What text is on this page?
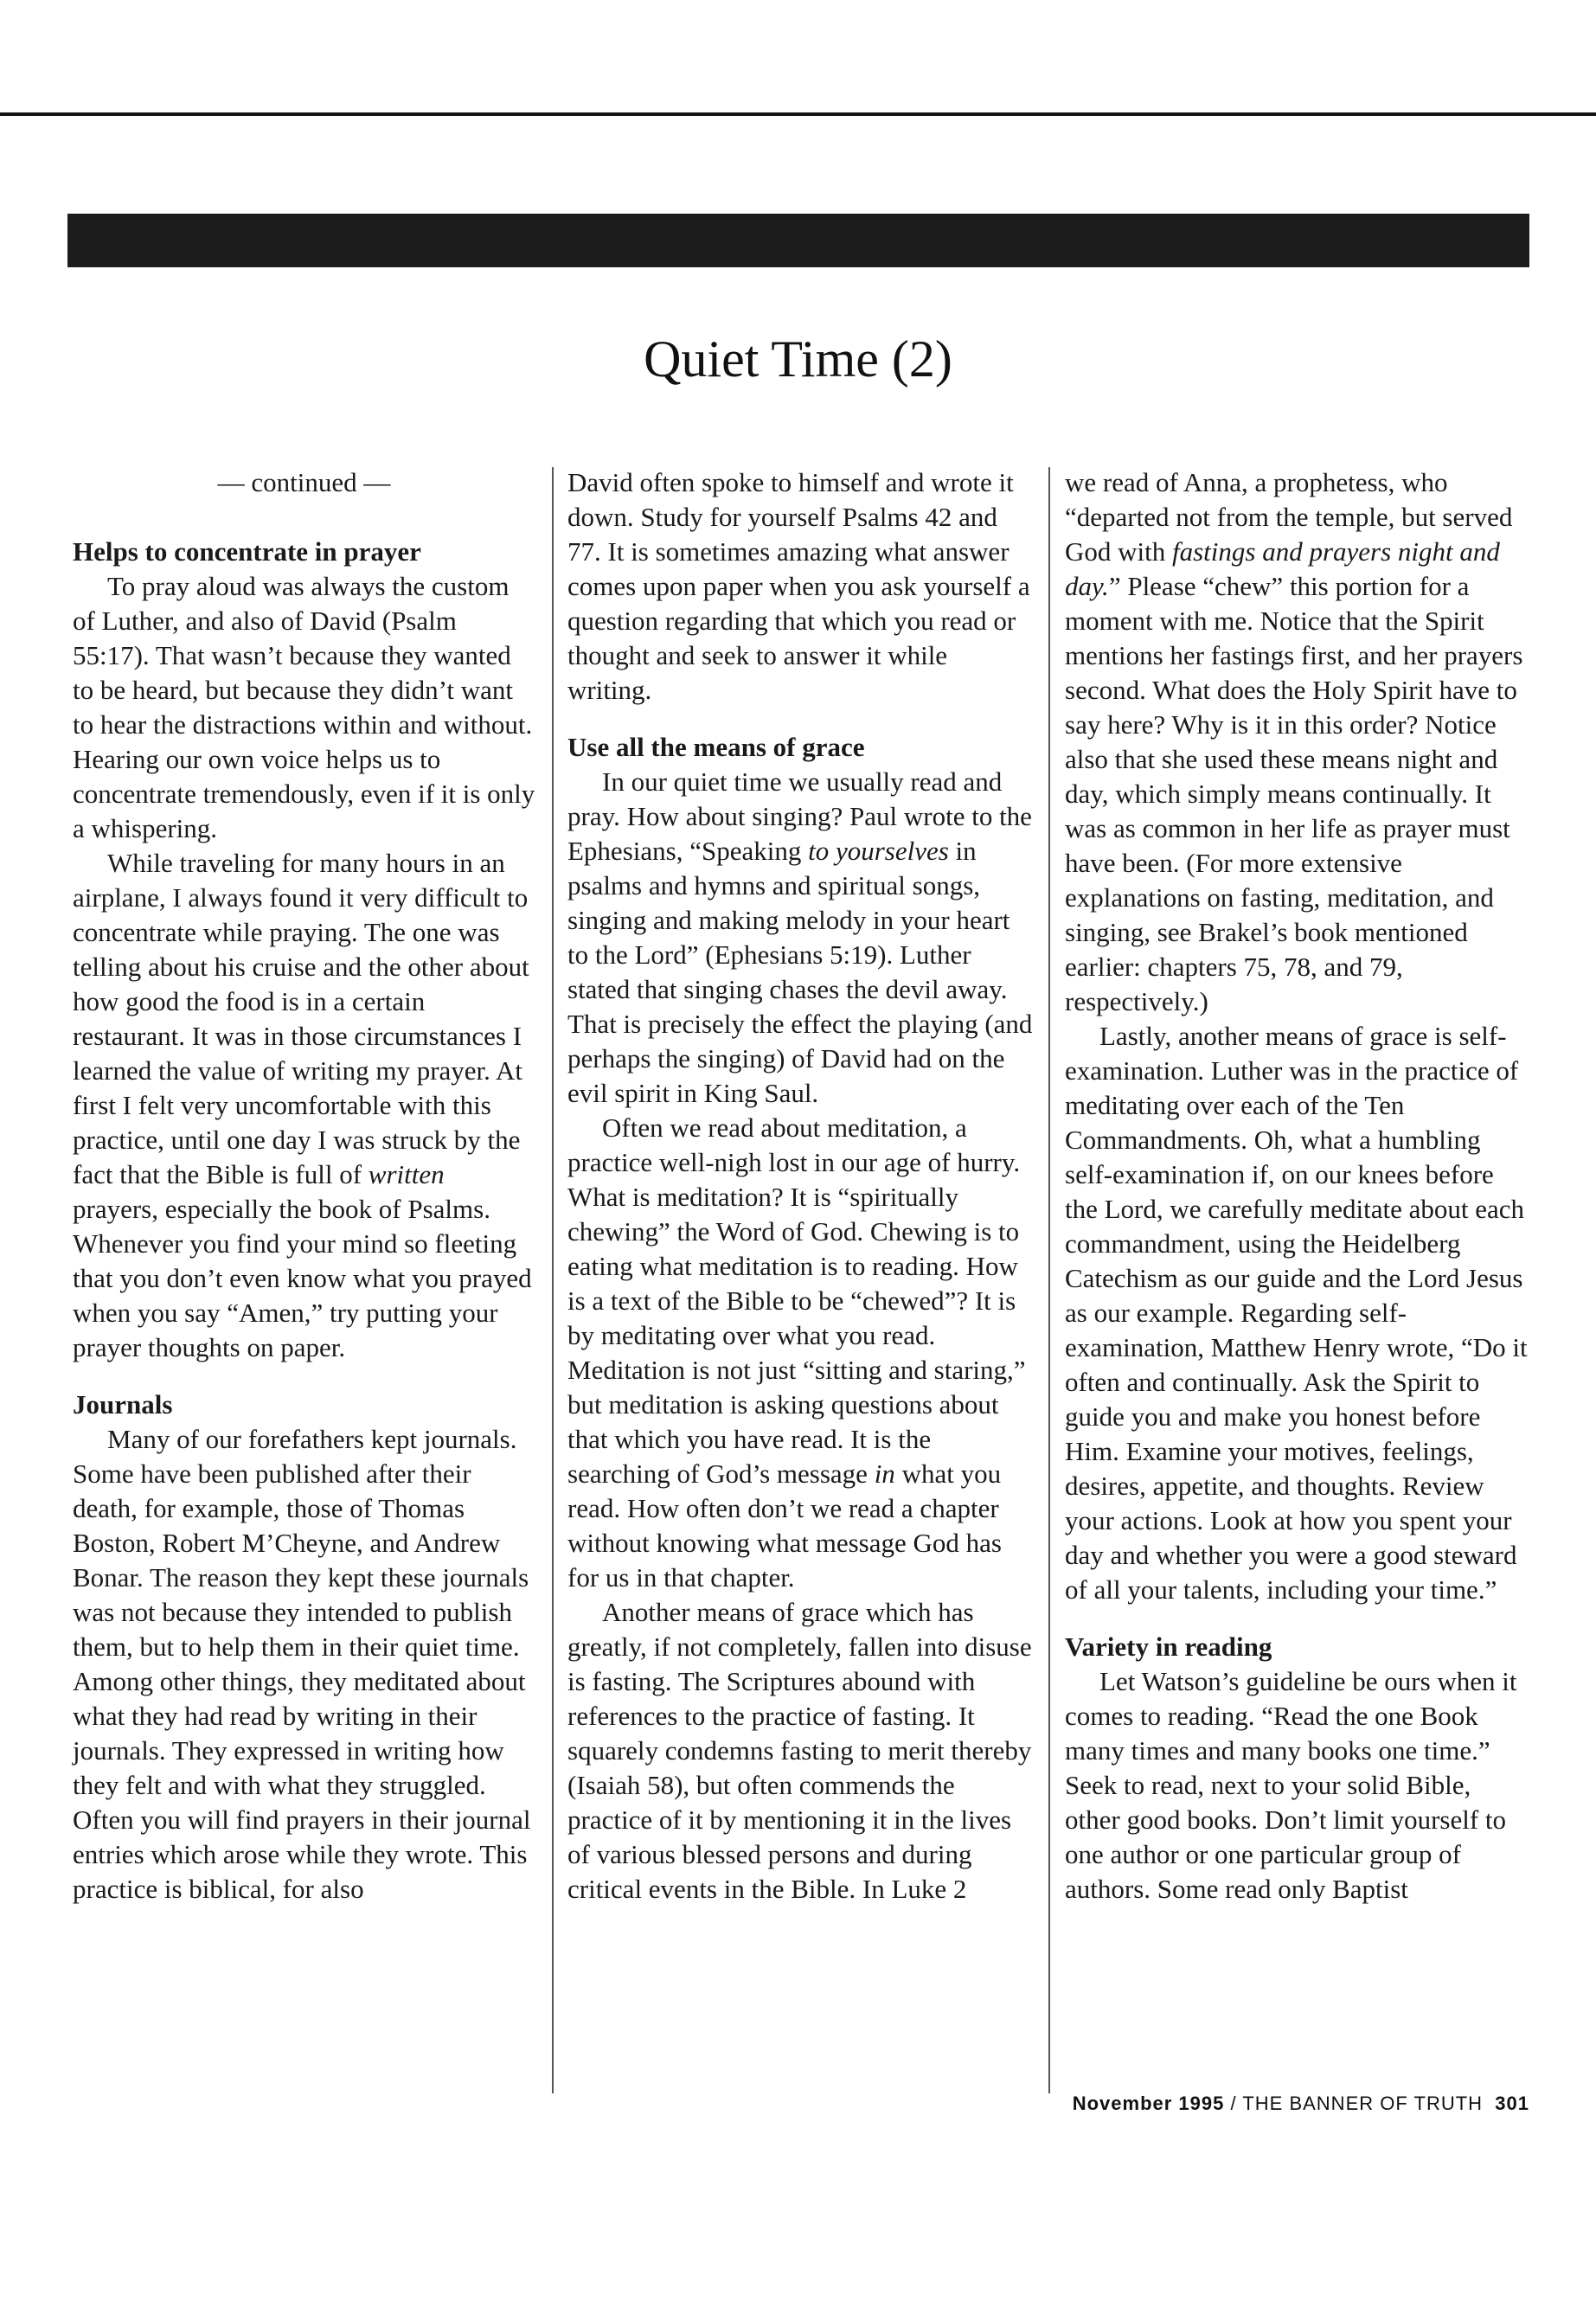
Quiet Time (2)

— continued —

Helps to concentrate in prayer

To pray aloud was always the custom of Luther, and also of David (Psalm 55:17). That wasn’t because they wanted to be heard, but because they didn’t want to hear the distractions within and without. Hearing our own voice helps us to concentrate tremendously, even if it is only a whispering.

While traveling for many hours in an airplane, I always found it very difficult to concentrate while praying. The one was telling about his cruise and the other about how good the food is in a certain restaurant. It was in those circumstances I learned the value of writing my prayer. At first I felt very uncomfortable with this practice, until one day I was struck by the fact that the Bible is full of written prayers, especially the book of Psalms. Whenever you find your mind so fleeting that you don’t even know what you prayed when you say “Amen,” try putting your prayer thoughts on paper.

Journals

Many of our forefathers kept journals. Some have been published after their death, for example, those of Thomas Boston, Robert M’Cheyne, and Andrew Bonar. The reason they kept these journals was not because they intended to publish them, but to help them in their quiet time. Among other things, they meditated about what they had read by writing in their journals. They expressed in writing how they felt and with what they struggled. Often you will find prayers in their journal entries which arose while they wrote. This practice is biblical, for also

David often spoke to himself and wrote it down. Study for yourself Psalms 42 and 77. It is sometimes amazing what answer comes upon paper when you ask yourself a question regarding that which you read or thought and seek to answer it while writing.

Use all the means of grace

In our quiet time we usually read and pray. How about singing? Paul wrote to the Ephesians, “Speaking to yourselves in psalms and hymns and spiritual songs, singing and making melody in your heart to the Lord” (Ephesians 5:19). Luther stated that singing chases the devil away. That is precisely the effect the playing (and perhaps the singing) of David had on the evil spirit in King Saul.

Often we read about meditation, a practice well-nigh lost in our age of hurry. What is meditation? It is “spiritually chewing” the Word of God. Chewing is to eating what meditation is to reading. How is a text of the Bible to be “chewed”? It is by meditating over what you read. Meditation is not just “sitting and staring,” but meditation is asking questions about that which you have read. It is the searching of God’s message in what you read. How often don’t we read a chapter without knowing what message God has for us in that chapter.

Another means of grace which has greatly, if not completely, fallen into disuse is fasting. The Scriptures abound with references to the practice of fasting. It squarely condemns fasting to merit thereby (Isaiah 58), but often commends the practice of it by mentioning it in the lives of various blessed persons and during critical events in the Bible. In Luke 2

we read of Anna, a prophetess, who “departed not from the temple, but served God with fastings and prayers night and day.” Please “chew” this portion for a moment with me. Notice that the Spirit mentions her fastings first, and her prayers second. What does the Holy Spirit have to say here? Why is it in this order? Notice also that she used these means night and day, which simply means continually. It was as common in her life as prayer must have been. (For more extensive explanations on fasting, meditation, and singing, see Brakel’s book mentioned earlier: chapters 75, 78, and 79, respectively.)

Lastly, another means of grace is self-examination. Luther was in the practice of meditating over each of the Ten Commandments. Oh, what a humbling self-examination if, on our knees before the Lord, we carefully meditate about each commandment, using the Heidelberg Catechism as our guide and the Lord Jesus as our example. Regarding self-examination, Matthew Henry wrote, “Do it often and continually. Ask the Spirit to guide you and make you honest before Him. Examine your motives, feelings, desires, appetite, and thoughts. Review your actions. Look at how you spent your day and whether you were a good steward of all your talents, including your time.”

Variety in reading

Let Watson’s guideline be ours when it comes to reading. “Read the one Book many times and many books one time.” Seek to read, next to your solid Bible, other good books. Don’t limit yourself to one author or one particular group of authors. Some read only Baptist

November 1995 / THE BANNER OF TRUTH 301
